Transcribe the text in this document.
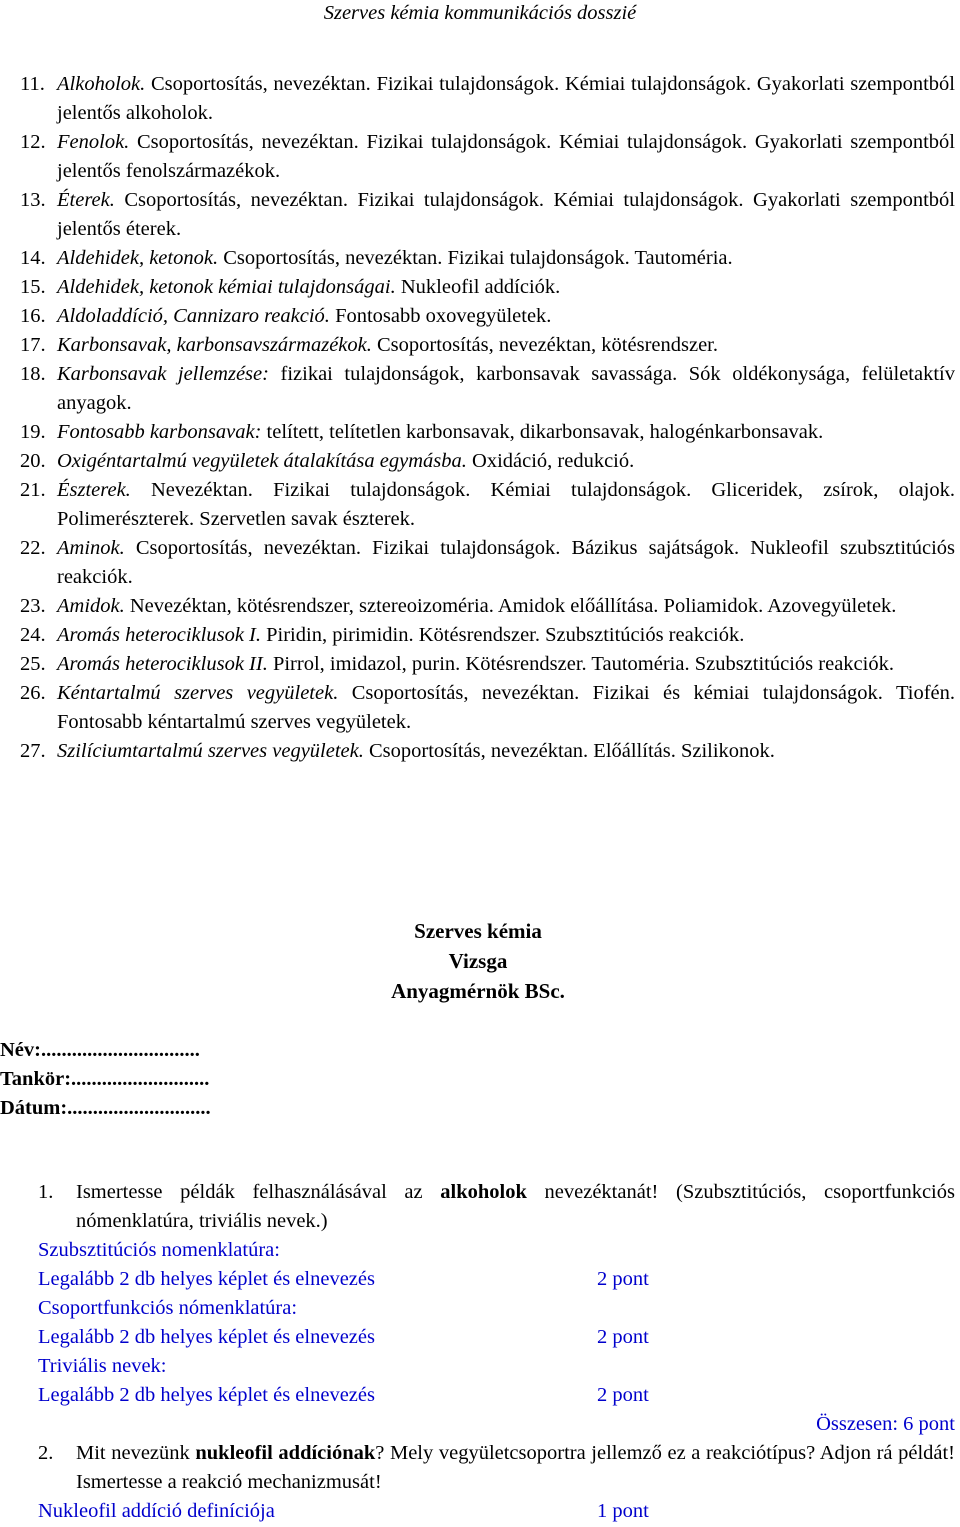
Szerves kémia kommunikációs dosszié
11. Alkoholok. Csoportosítás, nevezéktan. Fizikai tulajdonságok. Kémiai tulajdonságok. Gyakorlati szempontból jelentős alkoholok.
12. Fenolok. Csoportosítás, nevezéktan. Fizikai tulajdonságok. Kémiai tulajdonságok. Gyakorlati szempontból jelentős fenolszármazékok.
13. Éterek. Csoportosítás, nevezéktan. Fizikai tulajdonságok. Kémiai tulajdonságok. Gyakorlati szempontból jelentős éterek.
14. Aldehidek, ketonok. Csoportosítás, nevezéktan. Fizikai tulajdonságok. Tautoméria.
15. Aldehidek, ketonok kémiai tulajdonságai. Nukleofil addíciók.
16. Aldoladdíció, Cannizaro reakció. Fontosabb oxovegyületek.
17. Karbonsavak, karbonsavszármazékok. Csoportosítás, nevezéktan, kötésrendszer.
18. Karbonsavak jellemzése: fizikai tulajdonságok, karbonsavak savassága. Sók oldékonysága, felületaktív anyagok.
19. Fontosabb karbonsavak: telített, telítetlen karbonsavak, dikarbonsavak, halogénkarbonsavak.
20. Oxigéntartalmú vegyületek átalakítása egymásba. Oxidáció, redukció.
21. Észterek. Nevezéktan. Fizikai tulajdonságok. Kémiai tulajdonságok. Gliceridek, zsírok, olajok. Polimerészterek. Szervetlen savak észterek.
22. Aminok. Csoportosítás, nevezéktan. Fizikai tulajdonságok. Bázikus sajátságok. Nukleofil szubsztitúciós reakciók.
23. Amidok. Nevezéktan, kötésrendszer, sztereoizoméria. Amidok előállítása. Poliamidok. Azovegyületek.
24. Aromás heterociklusok I. Piridin, pirimidin. Kötésrendszer. Szubsztitúciós reakciók.
25. Aromás heterociklusok II. Pirrol, imidazol, purin. Kötésrendszer. Tautoméria. Szubsztitúciós reakciók.
26. Kéntartalmú szerves vegyületek. Csoportosítás, nevezéktan. Fizikai és kémiai tulajdonságok. Tiofén. Fontosabb kéntartalmú szerves vegyületek.
27. Szilíciumtartalmú szerves vegyületek. Csoportosítás, nevezéktan. Előállítás. Szilikonok.
Szerves kémia
Vizsga
Anyagmérnök BSc.
Név:...............................
Tankör:...........................
Dátum:............................
1. Ismertesse példák felhasználásával az alkoholok nevezéktanát! (Szubsztitúciós, csoportfunkciós nómenklatúra, triviális nevek.)
Szubsztitúciós nomenklatúra:
Legalább 2 db helyes képlet és elnevezés	2 pont
Csoportfunkciós nómenklatúra:
Legalább 2 db helyes képlet és elnevezés	2 pont
Triviális nevek:
Legalább 2 db helyes képlet és elnevezés	2 pont
Összesen: 6 pont
2. Mit nevezünk nukleofil addíciónak? Mely vegyületcsoportra jellemző ez a reakciótípus? Adjon rá példát! Ismertesse a reakció mechanizmusát!
Nukleofil addíció definíciója	1 pont
